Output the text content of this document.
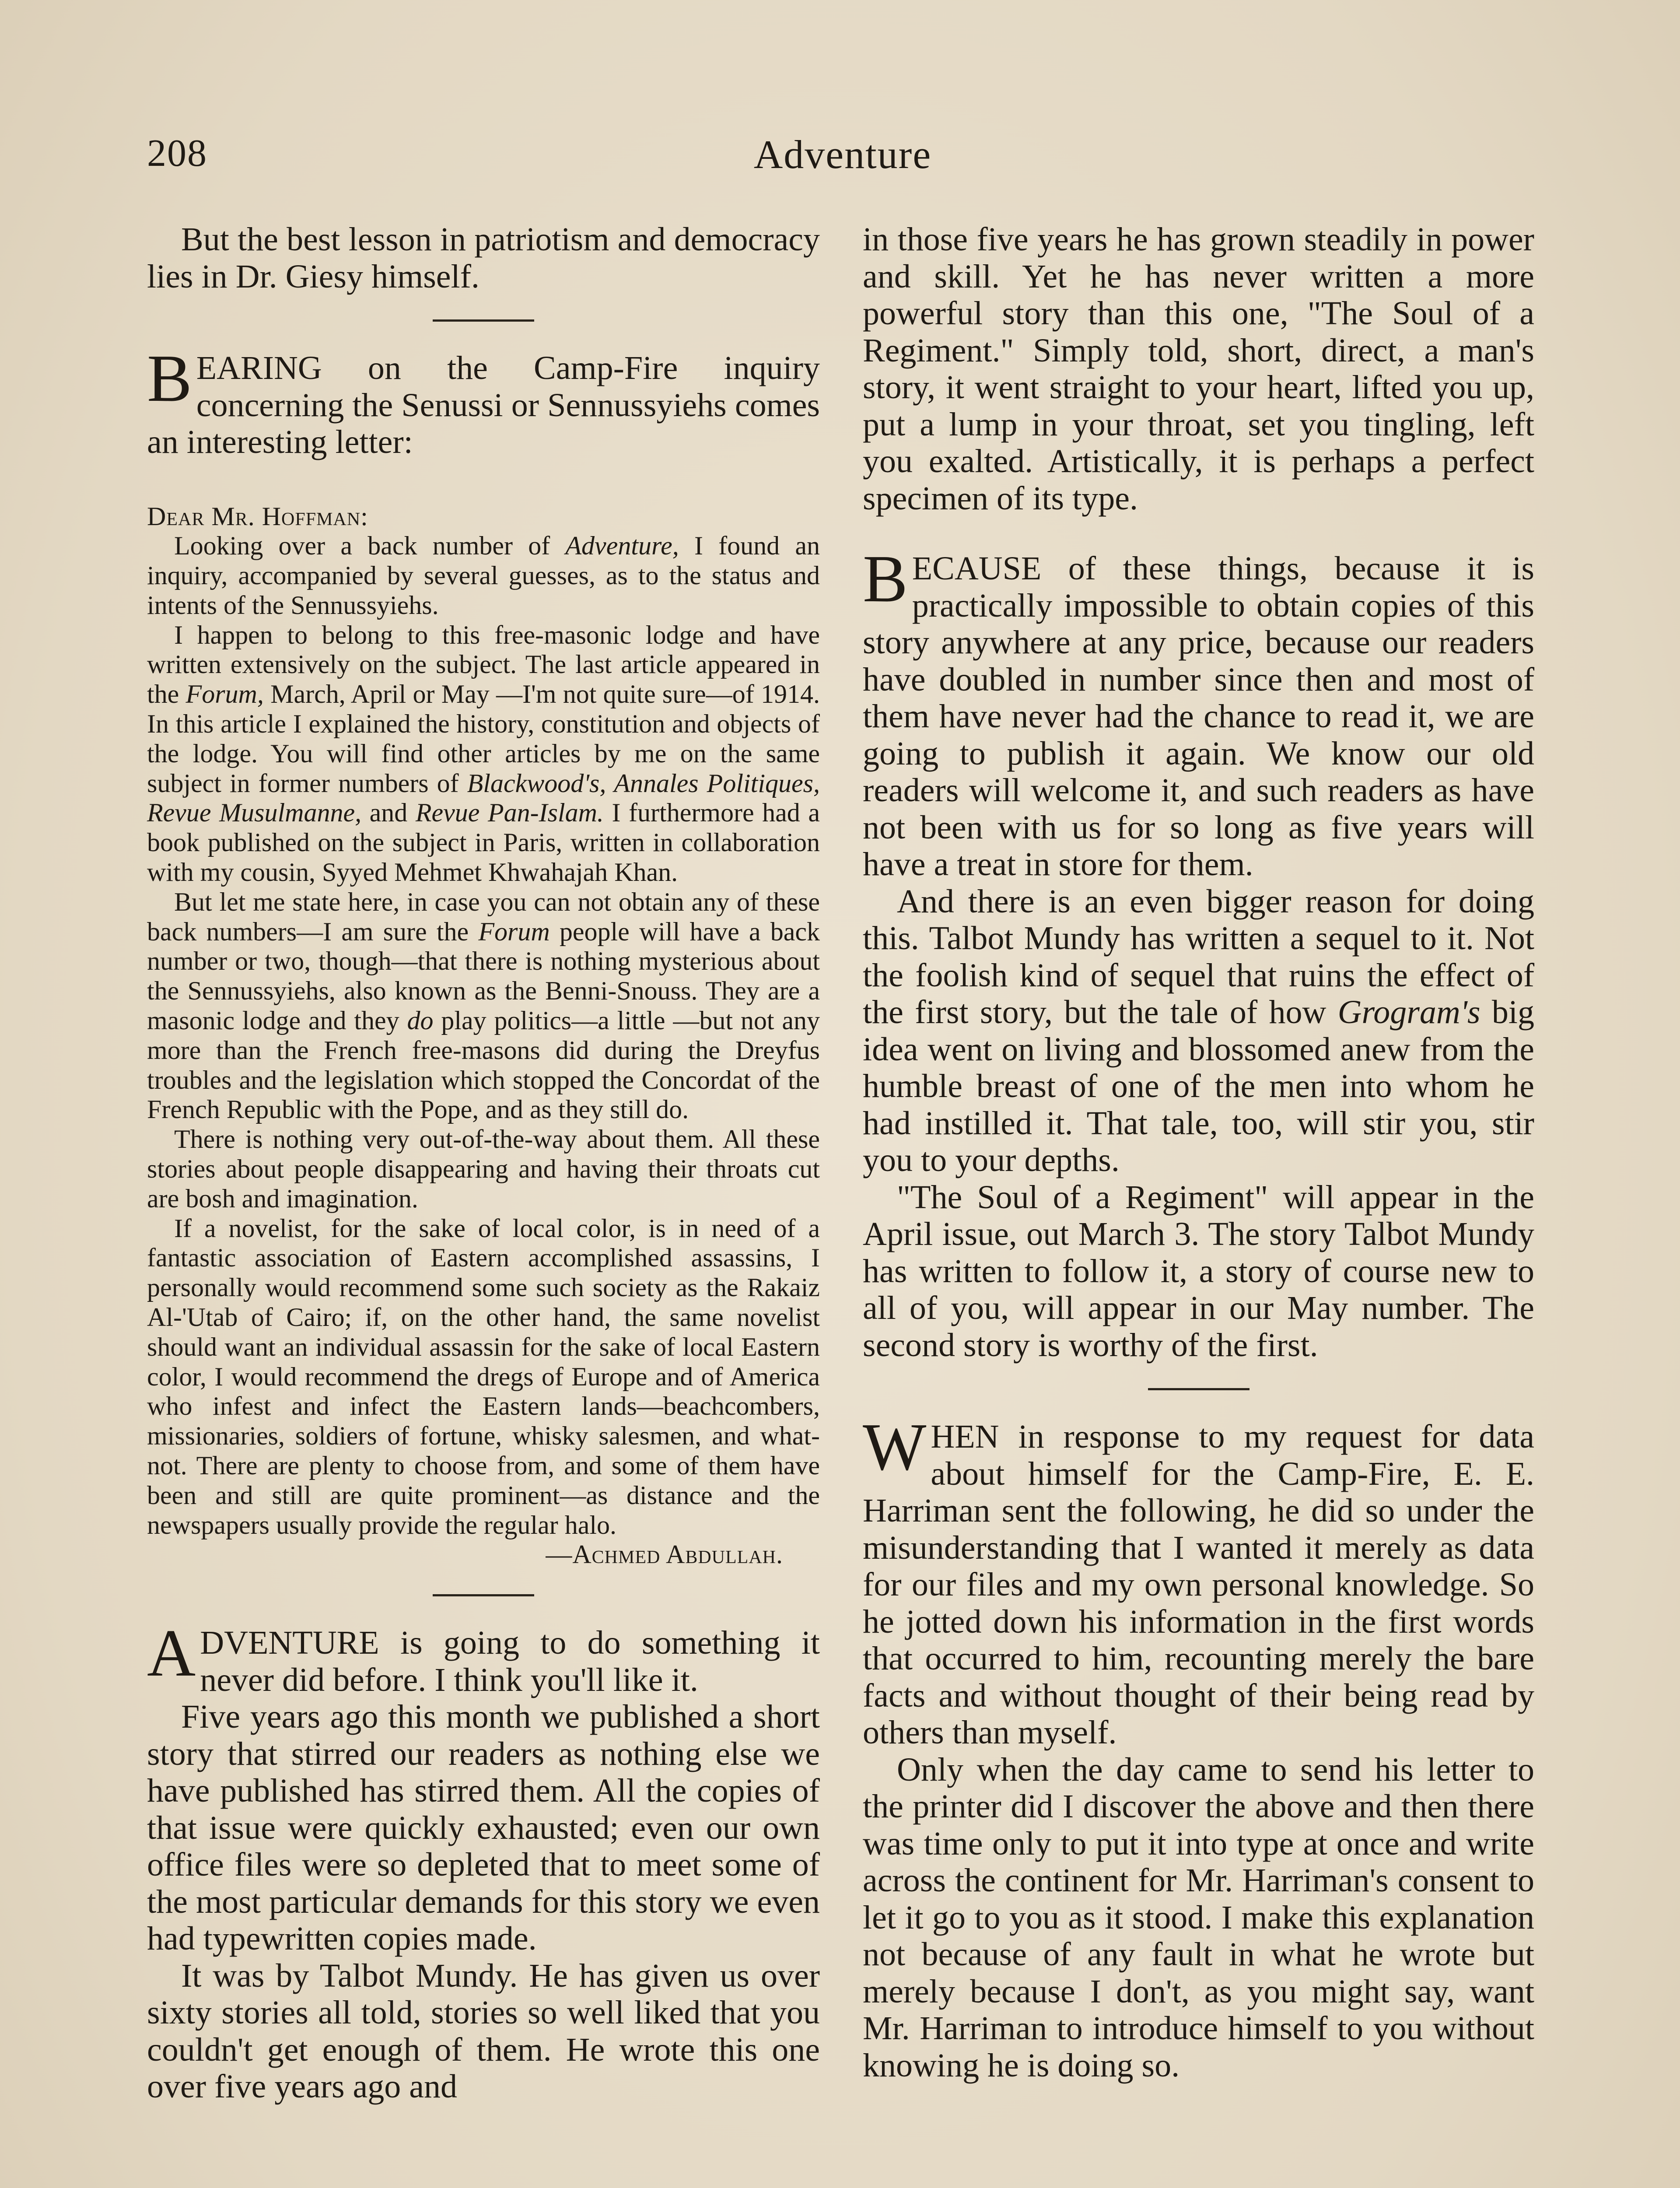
208	Adventure

But the best lesson in patriotism and democracy lies in Dr. Giesy himself.

BEARING on the Camp-Fire inquiry concerning the Senussi or Sennussyiehs comes an interesting letter:

Dear Mr. Hoffman:

Looking over a back number of Adventure, I found an inquiry, accompanied by several guesses, as to the status and intents of the Sennussyiehs.

I happen to belong to this free-masonic lodge and have written extensively on the subject. The last article appeared in the Forum, March, April or May —I'm not quite sure—of 1914. In this article I explained the history, constitution and objects of the lodge. You will find other articles by me on the same subject in former numbers of Blackwood's, Annales Politiques, Revue Musulmanne, and Revue Pan-Islam. I furthermore had a book published on the subject in Paris, written in collaboration with my cousin, Syyed Mehmet Khwahajah Khan.

But let me state here, in case you can not obtain any of these back numbers—I am sure the Forum people will have a back number or two, though—that there is nothing mysterious about the Sennussyiehs, also known as the Benni-Snouss. They are a masonic lodge and they do play politics—a little —but not any more than the French free-masons did during the Dreyfus troubles and the legislation which stopped the Concordat of the French Republic with the Pope, and as they still do.

There is nothing very out-of-the-way about them. All these stories about people disappearing and having their throats cut are bosh and imagination.

If a novelist, for the sake of local color, is in need of a fantastic association of Eastern accomplished assassins, I personally would recommend some such society as the Rakaiz Al-'Utab of Cairo; if, on the other hand, the same novelist should want an individual assassin for the sake of local Eastern color, I would recommend the dregs of Europe and of America who infest and infect the Eastern lands—beachcombers, missionaries, soldiers of fortune, whisky salesmen, and what-not. There are plenty to choose from, and some of them have been and still are quite prominent—as distance and the newspapers usually provide the regular halo.

—Achmed Abdullah.

ADVENTURE is going to do something it never did before. I think you'll like it.

Five years ago this month we published a short story that stirred our readers as nothing else we have published has stirred them. All the copies of that issue were quickly exhausted; even our own office files were so depleted that to meet some of the most particular demands for this story we even had typewritten copies made.

It was by Talbot Mundy. He has given us over sixty stories all told, stories so well liked that you couldn't get enough of them. He wrote this one over five years ago and

in those five years he has grown steadily in power and skill. Yet he has never written a more powerful story than this one, "The Soul of a Regiment." Simply told, short, direct, a man's story, it went straight to your heart, lifted you up, put a lump in your throat, set you tingling, left you exalted. Artistically, it is perhaps a perfect specimen of its type.

BECAUSE of these things, because it is practically impossible to obtain copies of this story anywhere at any price, because our readers have doubled in number since then and most of them have never had the chance to read it, we are going to publish it again. We know our old readers will welcome it, and such readers as have not been with us for so long as five years will have a treat in store for them.

And there is an even bigger reason for doing this. Talbot Mundy has written a sequel to it. Not the foolish kind of sequel that ruins the effect of the first story, but the tale of how Grogram's big idea went on living and blossomed anew from the humble breast of one of the men into whom he had instilled it. That tale, too, will stir you, stir you to your depths.

"The Soul of a Regiment" will appear in the April issue, out March 3. The story Talbot Mundy has written to follow it, a story of course new to all of you, will appear in our May number. The second story is worthy of the first.

WHEN in response to my request for data about himself for the Camp-Fire, E. E. Harriman sent the following, he did so under the misunderstanding that I wanted it merely as data for our files and my own personal knowledge. So he jotted down his information in the first words that occurred to him, recounting merely the bare facts and without thought of their being read by others than myself.

Only when the day came to send his letter to the printer did I discover the above and then there was time only to put it into type at once and write across the continent for Mr. Harriman's consent to let it go to you as it stood. I make this explanation not because of any fault in what he wrote but merely because I don't, as you might say, want Mr. Harriman to introduce himself to you without knowing he is doing so.
